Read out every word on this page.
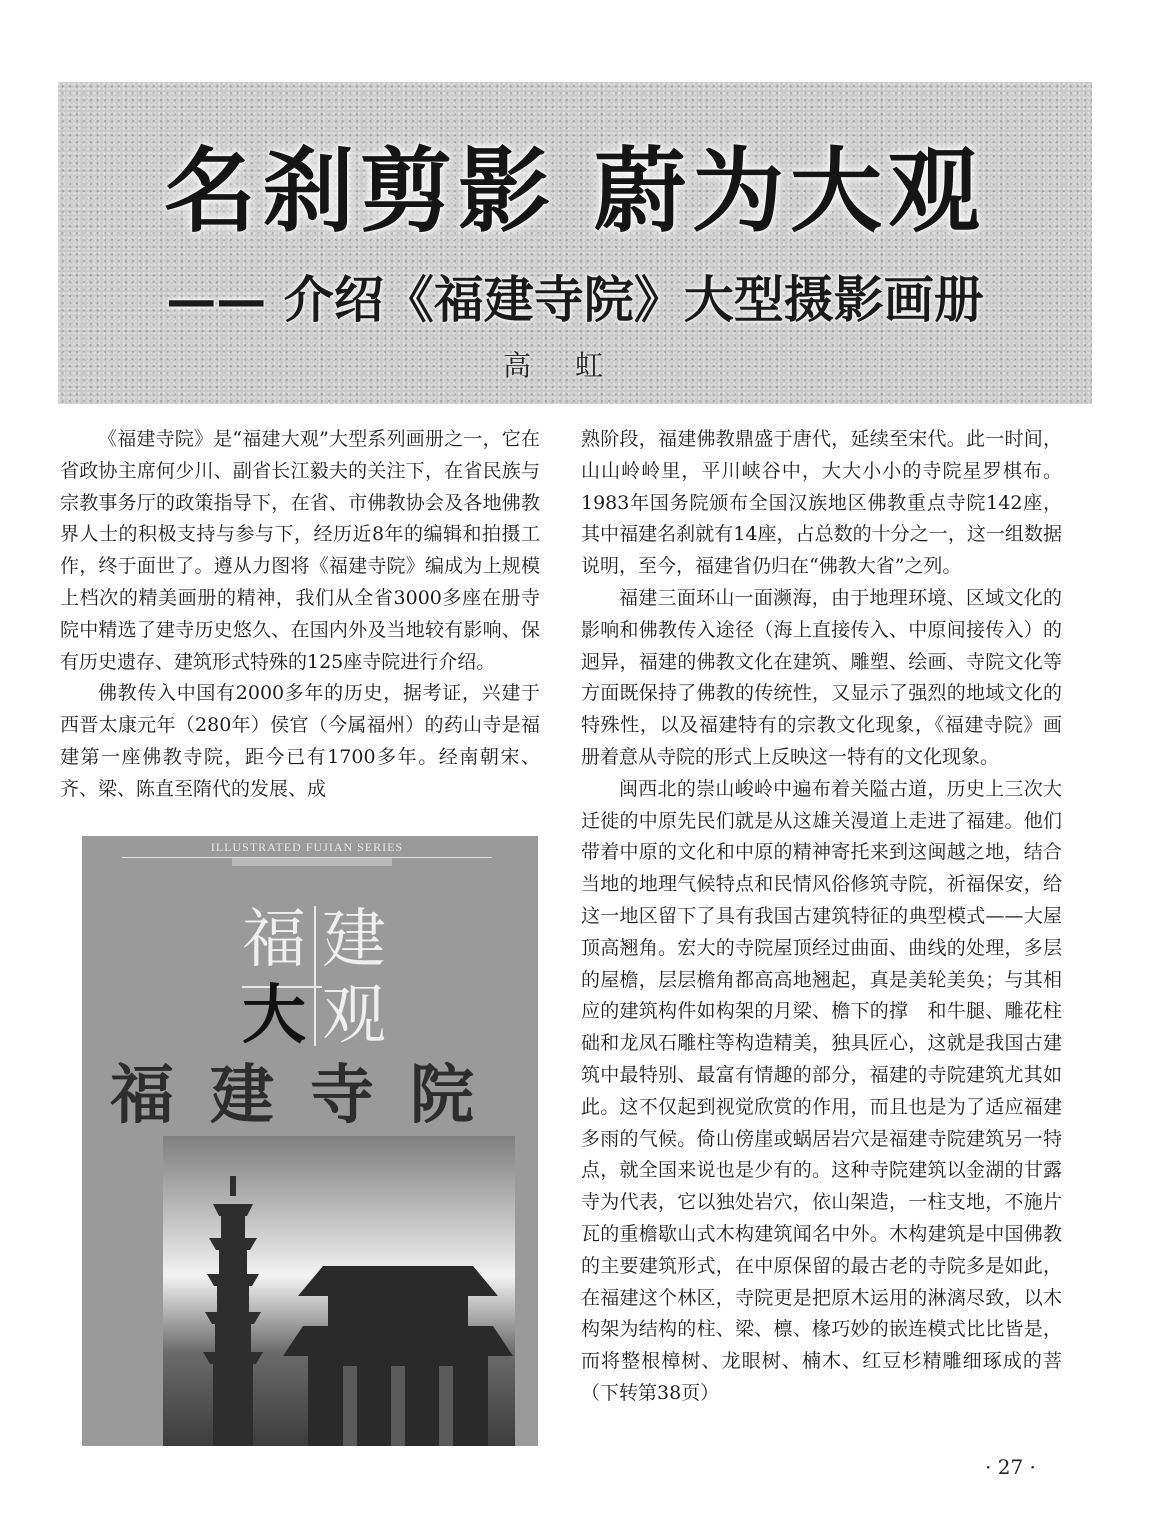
名刹剪影 蔚为大观
—— 介绍《福建寺院》大型摄影画册
高虹

《福建寺院》是“福建大观”大型系列画册之一，它在省政协主席何少川、副省长江毅夫的关注下，在省民族与宗教事务厅的政策指导下，在省、市佛教协会及各地佛教界人士的积极支持与参与下，经历近8年的编辑和拍摄工作，终于面世了。遵从力图将《福建寺院》编成为上规模上档次的精美画册的精神，我们从全省3000多座在册寺院中精选了建寺历史悠久、在国内外及当地较有影响、保有历史遗存、建筑形式特殊的125座寺院进行介绍。

佛教传入中国有2000多年的历史，据考证，兴建于西晋太康元年（280年）侯官（今属福州）的药山寺是福建第一座佛教寺院，距今已有1700多年。经南朝宋、齐、梁、陈直至隋代的发展、成

熟阶段，福建佛教鼎盛于唐代，延续至宋代。此一时间，山山岭岭里，平川峡谷中，大大小小的寺院星罗棋布。1983年国务院颁布全国汉族地区佛教重点寺院142座，其中福建名刹就有14座，占总数的十分之一，这一组数据说明，至今，福建省仍归在“佛教大省”之列。

福建三面环山一面濒海，由于地理环境、区域文化的影响和佛教传入途径（海上直接传入、中原间接传入）的迥异，福建的佛教文化在建筑、雕塑、绘画、寺院文化等方面既保持了佛教的传统性，又显示了强烈的地域文化的特殊性，以及福建特有的宗教文化现象，《福建寺院》画册着意从寺院的形式上反映这一特有的文化现象。

闽西北的崇山峻岭中遍布着关隘古道，历史上三次大迁徙的中原先民们就是从这雄关漫道上走进了福建。他们带着中原的文化和中原的精神寄托来到这闽越之地，结合当地的地理气候特点和民情风俗修筑寺院，祈福保安，给这一地区留下了具有我国古建筑特征的典型模式——大屋顶高翘角。宏大的寺院屋顶经过曲面、曲线的处理，多层的屋檐，层层檐角都高高地翘起，真是美轮美奂；与其相应的建筑构件如构架的月梁、檐下的撑　和牛腿、雕花柱础和龙凤石雕柱等构造精美，独具匠心，这就是我国古建筑中最特别、最富有情趣的部分，福建的寺院建筑尤其如此。这不仅起到视觉欣赏的作用，而且也是为了适应福建多雨的气候。倚山傍崖或蜗居岩穴是福建寺院建筑另一特点，就全国来说也是少有的。这种寺院建筑以金湖的甘露寺为代表，它以独处岩穴，依山架造，一柱支地，不施片瓦的重檐歇山式木构建筑闻名中外。木构建筑是中国佛教的主要建筑形式，在中原保留的最古老的寺院多是如此，在福建这个林区，寺院更是把原木运用的淋漓尽致，以木构架为结构的柱、梁、檩、椽巧妙的嵌连模式比比皆是，而将整根樟树、龙眼树、楠木、红豆杉精雕细琢成的菩（下转第38页）

ILLUSTRATED FUJIAN SERIES
福 建
大 观
福建寺院
· 27 ·
